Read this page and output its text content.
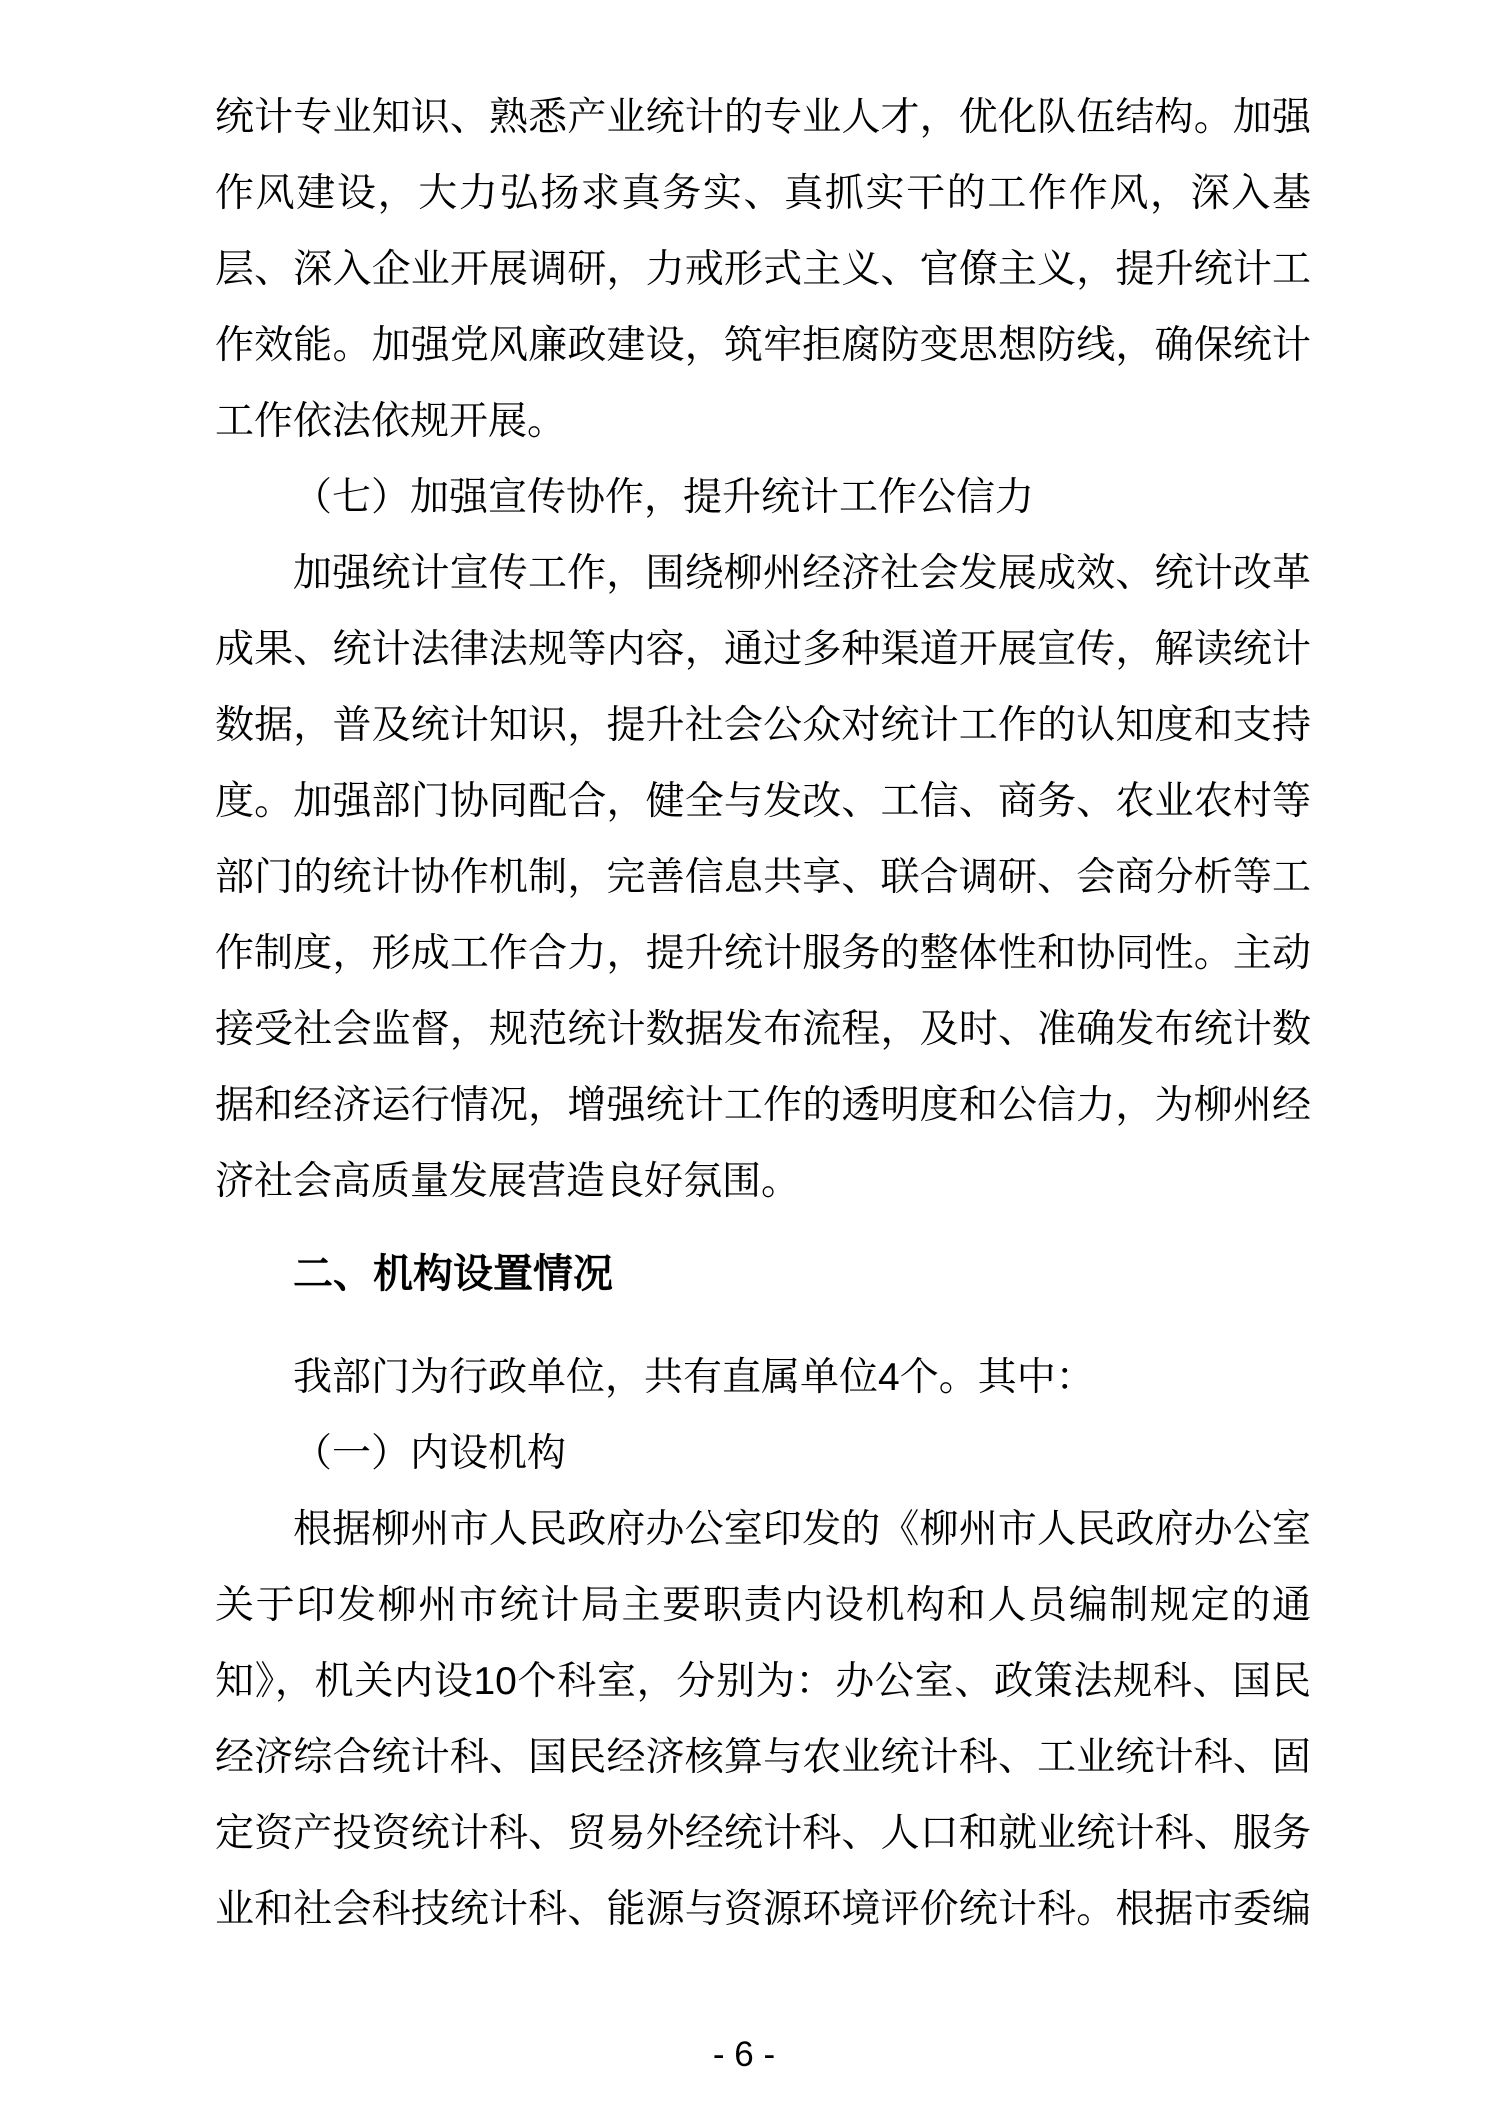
统计专业知识、熟悉产业统计的专业人才，优化队伍结构。加强
作风建设，大力弘扬求真务实、真抓实干的工作作风，深入基
层、深入企业开展调研，力戒形式主义、官僚主义，提升统计工
作效能。加强党风廉政建设，筑牢拒腐防变思想防线，确保统计
工作依法依规开展。
（七）加强宣传协作，提升统计工作公信力
加强统计宣传工作，围绕柳州经济社会发展成效、统计改革
成果、统计法律法规等内容，通过多种渠道开展宣传，解读统计
数据，普及统计知识，提升社会公众对统计工作的认知度和支持
度。加强部门协同配合，健全与发改、工信、商务、农业农村等
部门的统计协作机制，完善信息共享、联合调研、会商分析等工
作制度，形成工作合力，提升统计服务的整体性和协同性。主动
接受社会监督，规范统计数据发布流程，及时、准确发布统计数
据和经济运行情况，增强统计工作的透明度和公信力，为柳州经
济社会高质量发展营造良好氛围。
二、机构设置情况
我部门为行政单位，共有直属单位4个。其中：
（一）内设机构
根据柳州市人民政府办公室印发的《柳州市人民政府办公室
关于印发柳州市统计局主要职责内设机构和人员编制规定的通
知》，机关内设10个科室，分别为：办公室、政策法规科、国民
经济综合统计科、国民经济核算与农业统计科、工业统计科、固
定资产投资统计科、贸易外经统计科、人口和就业统计科、服务
业和社会科技统计科、能源与资源环境评价统计科。根据市委编
- 6 -
